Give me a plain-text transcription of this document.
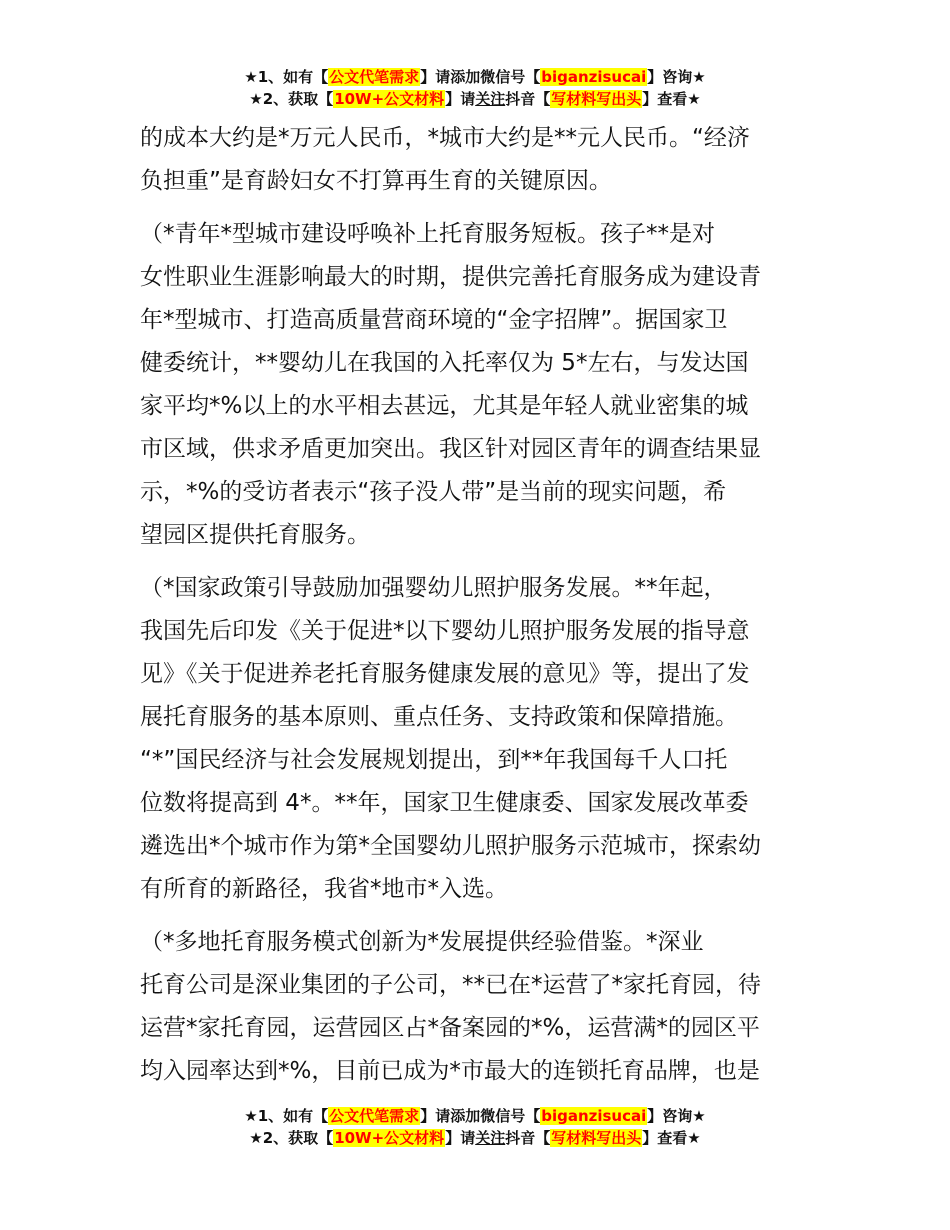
★1、如有【公文代笔需求】请添加微信号【biganzisucai】咨询★
★2、获取【10W+公文材料】请关注抖音【写材料写出头】查看★

的成本大约是*万元人民币，*城市大约是**元人民币。“经济

负担重”是育龄妇女不打算再生育的关键原因。

（*青年*型城市建设呼唤补上托育服务短板。孩子**是对

女性职业生涯影响最大的时期，提供完善托育服务成为建设青

年*型城市、打造高质量营商环境的“金字招牌”。据国家卫

健委统计，**婴幼儿在我国的入托率仅为 5*左右，与发达国

家平均*%以上的水平相去甚远，尤其是年轻人就业密集的城

市区域，供求矛盾更加突出。我区针对园区青年的调查结果显

示，*%的受访者表示“孩子没人带”是当前的现实问题，希

望园区提供托育服务。

（*国家政策引导鼓励加强婴幼儿照护服务发展。**年起，

我国先后印发《关于促进*以下婴幼儿照护服务发展的指导意

见》《关于促进养老托育服务健康发展的意见》等，提出了发

展托育服务的基本原则、重点任务、支持政策和保障措施。

“*”国民经济与社会发展规划提出，到**年我国每千人口托

位数将提高到 4*。**年，国家卫生健康委、国家发展改革委

遴选出*个城市作为第*全国婴幼儿照护服务示范城市，探索幼

有所育的新路径，我省*地市*入选。

（*多地托育服务模式创新为*发展提供经验借鉴。*深业

托育公司是深业集团的子公司，**已在*运营了*家托育园，待

运营*家托育园，运营园区占*备案园的*%，运营满*的园区平

均入园率达到*%，目前已成为*市最大的连锁托育品牌，也是

★1、如有【公文代笔需求】请添加微信号【biganzisucai】咨询★
★2、获取【10W+公文材料】请关注抖音【写材料写出头】查看★
